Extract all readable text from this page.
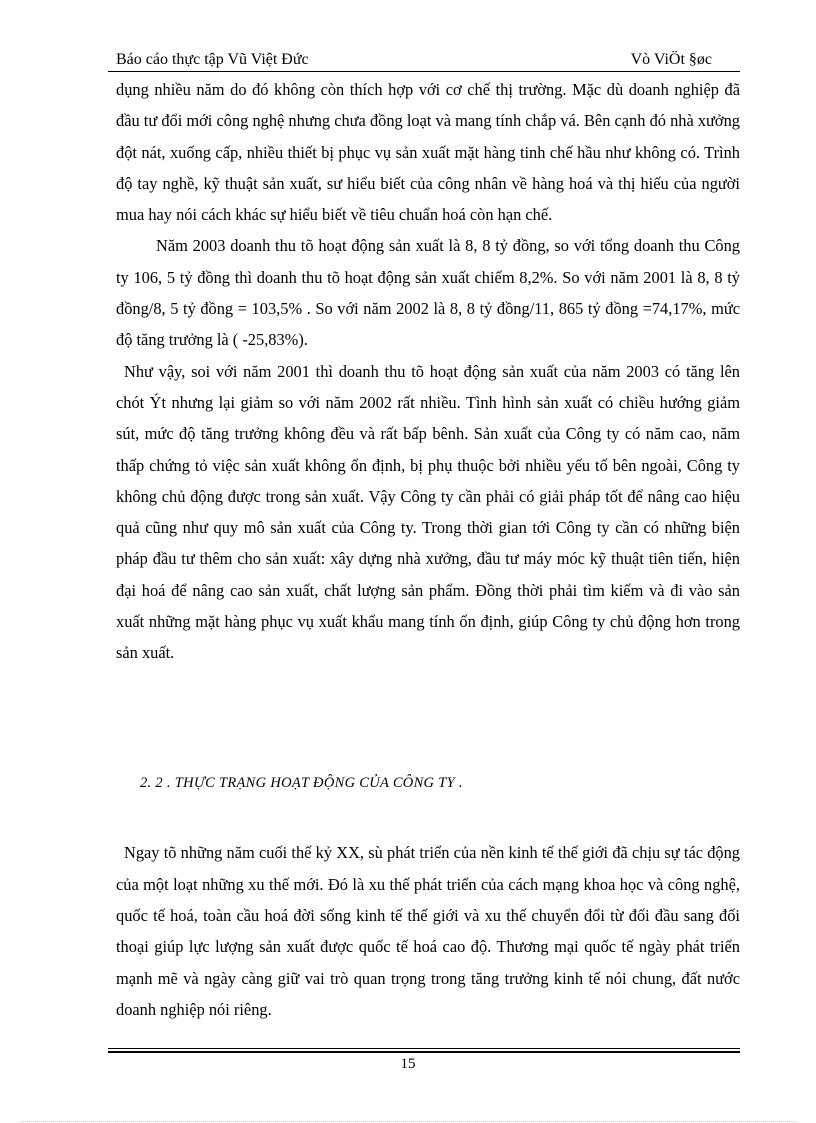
Báo cáo thực tập Vũ Việt Đức	Vò ViÖt §øc

dụng nhiều năm do đó không còn thích hợp với cơ chế thị trường. Mặc dù doanh nghiệp đã đầu tư đổi mới công nghệ nhưng chưa đồng loạt và mang tính chắp vá. Bên cạnh đó nhà xưởng đột nát, xuống cấp, nhiều thiết bị phục vụ sản xuất mặt hàng tinh chế hầu như không có. Trình độ tay nghề, kỹ thuật sản xuất, sư hiểu biết của công nhân về hàng hoá và thị hiếu của người mua hay nói cách khác sự hiểu biết về tiêu chuẩn hoá còn hạn chế.

Năm 2003 doanh thu tõ hoạt động sản xuất là 8, 8 tỷ đồng, so với tổng doanh thu Công ty 106, 5 tỷ đồng thì doanh thu tõ hoạt động sản xuất chiếm 8,2%. So với năm 2001 là 8, 8 tỷ đồng/8, 5 tỷ đồng = 103,5% . So với năm 2002 là 8, 8 tỷ đồng/11, 865 tỷ đồng =74,17%, mức độ tăng trưởng là ( -25,83%).

Như vậy, soi với năm 2001 thì doanh thu tõ hoạt động sản xuất của năm 2003 có tăng lên chót Ýt nhưng lại giảm so với năm 2002 rất nhiều. Tình hình sản xuất có chiều hướng giảm sút, mức độ tăng trưởng không đều và rất bấp bênh. Sản xuất của Công ty có năm cao, năm thấp chứng tỏ việc sản xuất không ổn định, bị phụ thuộc bởi nhiều yếu tố bên ngoài, Công ty không chủ động được trong sản xuất. Vậy Công ty cần phải có giải pháp tốt để nâng cao hiệu quả cũng như quy mô sản xuất của Công ty. Trong thời gian tới Công ty cần có những biện pháp đầu tư thêm cho sản xuất: xây dựng nhà xưởng, đầu tư máy móc kỹ thuật tiên tiến, hiện đại hoá để nâng cao sản xuất, chất lượng sản phẩm. Đồng thời phải tìm kiếm và đi vào sản xuất những mặt hàng phục vụ xuất khẩu mang tính ổn định, giúp Công ty chủ động hơn trong sản xuất.

2. 2 . THỰC TRẠNG HOẠT ĐỘNG CỦA CÔNG TY .

Ngay tõ những năm cuối thế kỷ XX, sù phát triển của nền kinh tế thế giới đã chịu sự tác động của một loạt những xu thế mới. Đó là xu thế phát triển của cách mạng khoa học và công nghệ, quốc tế hoá, toàn cầu hoá đời sống kinh tế thế giới và xu thế chuyển đổi từ đối đầu sang đối thoại giúp lực lượng sản xuất được quốc tế hoá cao độ. Thương mại quốc tế ngày phát triển mạnh mẽ và ngày càng giữ vai trò quan trọng trong tăng trưởng kinh tế nói chung, đất nước doanh nghiệp nói riêng.

15
